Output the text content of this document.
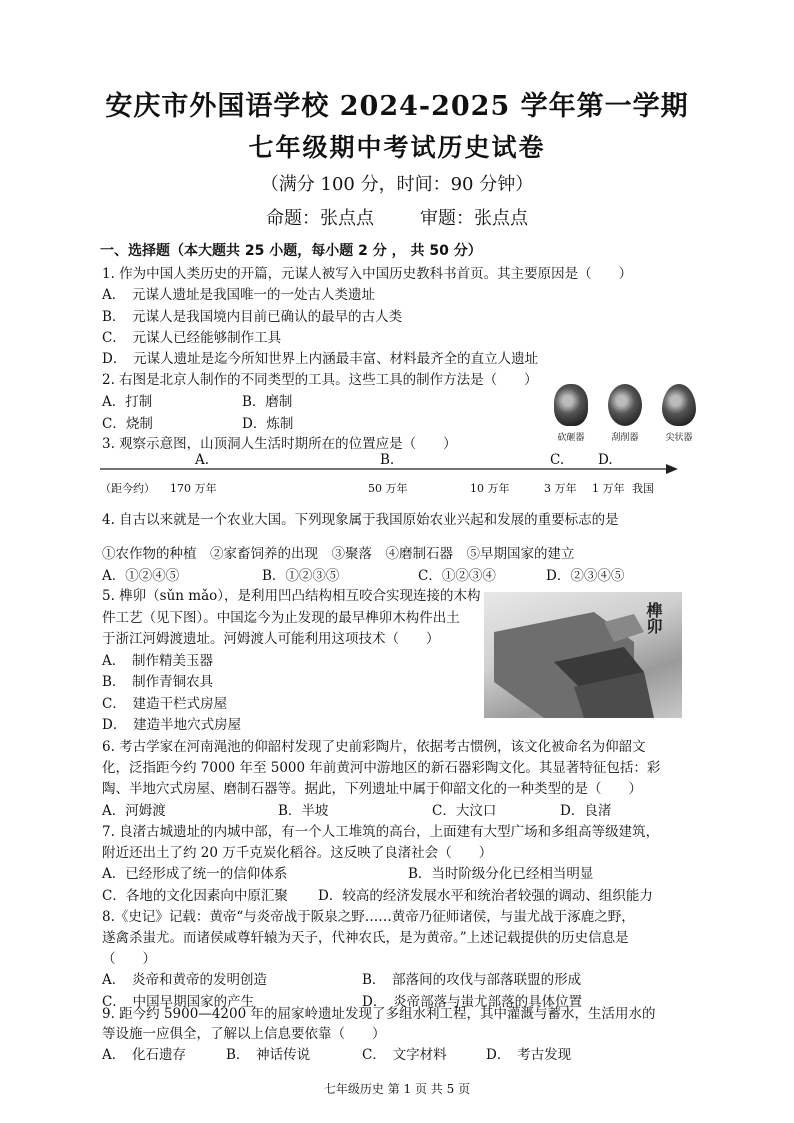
安庆市外国语学校 2024-2025 学年第一学期
七年级期中考试历史试卷
（满分 100 分，时间：90 分钟）
命题：张点点	审题：张点点
一、选择题（本大题共 25 小题，每小题 2 分 ， 共 50 分）
1. 作为中国人类历史的开篇，元谋人被写入中国历史教科书首页。其主要原因是（　　）
A．　元谋人遗址是我国唯一的一处古人类遗址
B．　元谋人是我国境内目前已确认的最早的古人类
C．　元谋人已经能够制作工具
D．　元谋人遗址是迄今所知世界上内涵最丰富、材料最齐全的直立人遗址
2. 右图是北京人制作的不同类型的工具。这些工具的制作方法是（　　）
A．打制	B．磨制
C．烧制	D．炼制
砍砸器	刮削器	尖状器
3. 观察示意图，山顶洞人生活时期所在的位置应是（　　）
A.	B.	C.	D.
（距今约） 170 万年	50 万年	10 万年	3 万年 1 万年 我国
4. 自古以来就是一个农业大国。下列现象属于我国原始农业兴起和发展的重要标志的是
①农作物的种植　②家畜饲养的出现　③聚落　④磨制石器　⑤早期国家的建立
A．①②④⑤	B．①②③⑤	C．①②③④	D．②③④⑤
5. 榫卯（sǔn mǎo），是利用凹凸结构相互咬合实现连接的木构
件工艺（见下图）。中国迄今为止发现的最早榫卯木构件出土
于浙江河姆渡遗址。河姆渡人可能利用这项技术（　　）
A．　制作精美玉器
B．　制作青铜农具
C．　建造干栏式房屋
D．　建造半地穴式房屋
榫卯
6. 考古学家在河南渑池的仰韶村发现了史前彩陶片，依据考古惯例，该文化被命名为仰韶文
化，泛指距今约 7000 年至 5000 年前黄河中游地区的新石器彩陶文化。其显著特征包括：彩
陶、半地穴式房屋、磨制石器等。据此，下列遗址中属于仰韶文化的一种类型的是（　　）
A．河姆渡	B．半坡	C．大汶口	D．良渚
7. 良渚古城遗址的内城中部，有一个人工堆筑的高台，上面建有大型广场和多组高等级建筑，
附近还出土了约 20 万千克炭化稻谷。这反映了良渚社会（　　）
A．已经形成了统一的信仰体系	B．当时阶级分化已经相当明显
C．各地的文化因素向中原汇聚 D．较高的经济发展水平和统治者较强的调动、组织能力
8.《史记》记载：黄帝“与炎帝战于阪泉之野……黄帝乃征师诸侯，与蚩尤战于涿鹿之野，
遂禽杀蚩尤。而诸侯咸尊轩辕为天子，代神农氏，是为黄帝。”上述记载提供的历史信息是
（　　）
A．　炎帝和黄帝的发明创造	B．　部落间的攻伐与部落联盟的形成
C．　中国早期国家的产生	D．　炎帝部落与蚩尤部落的具体位置
9. 距今约 5900—4200 年的屈家岭遗址发现了多组水利工程，其中灌溉与蓄水，生活用水的
等设施一应俱全，了解以上信息要依靠（　　）
七年级历史 第 1 页 共 5 页
A．　化石遗存	B．　神话传说	C．　文字材料	D．　考古发现
